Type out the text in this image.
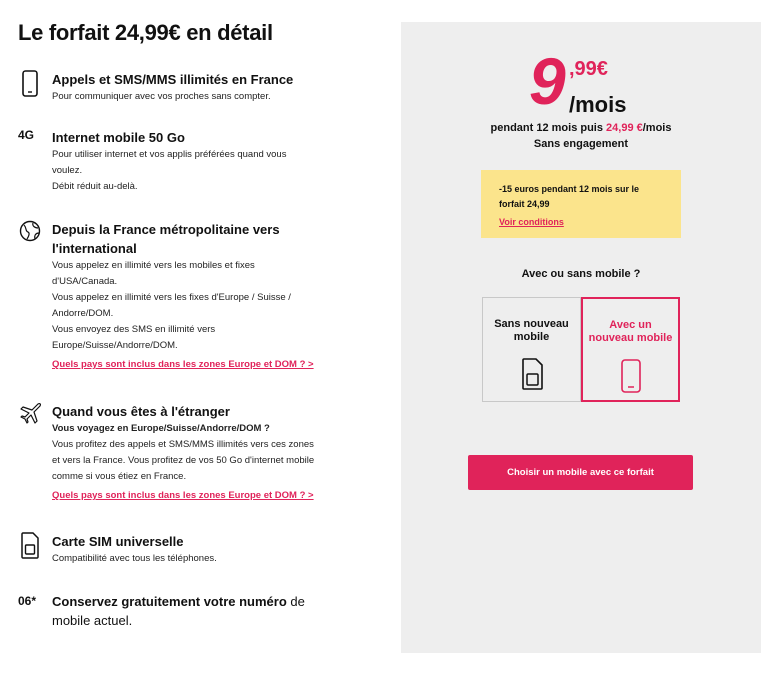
Le forfait 24,99€ en détail
Appels et SMS/MMS illimités en France

Pour communiquer avec vos proches sans compter.

4G Internet mobile 50 Go

Pour utiliser internet et vos applis préférées quand vous

voulez.

Débit réduit au-delà.

Depuis la France métropolitaine vers
l'international

Vous appelez en illimité vers les mobiles et fixes

d'USA/Canada.

Vous appelez en illimité vers les fixes d'Europe / Suisse /

Andorre/DOM.

Vous envoyez des SMS en illimité vers

Europe/Suisse/Andorre/DOM.

Quels pays sont inclus dans les zones Europe et DOM ? >
Quand vous êtes à l'étranger

Vous voyagez en Europe/Suisse/Andorre/DOM ?

Vous profitez des appels et SMS/MMS illimités vers ces zones

et vers la France. Vous profitez de vos 50 Go d'internet mobile

comme si vous étiez en France.

Quels pays sont inclus dans les zones Europe et DOM ? >
Carte SIM universelle

Compatibilité avec tous les téléphones.

06* Conservez gratuitement votre numéro de
mobile actuel.
9 ,99€
/mois

pendant 12 mois puis 24,99 €/mois

Sans engagement

-15 euros pendant 12 mois sur le

forfait 24,99

Voir conditions

Avec ou sans mobile ?

Sans nouveau
mobile
Avec un
nouveau mobile
Choisir un mobile avec ce forfait
